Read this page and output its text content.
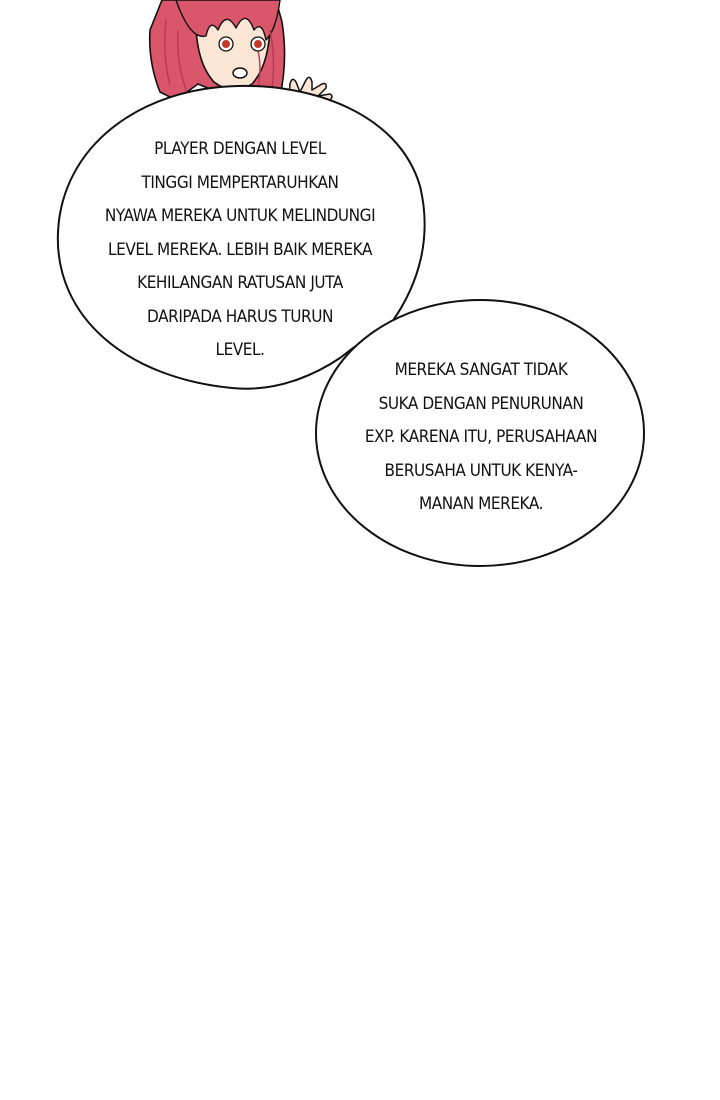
PLAYER DENGAN LEVEL
TINGGI MEMPERTARUHKAN
NYAWA MEREKA UNTUK MELINDUNGI
LEVEL MEREKA. LEBIH BAIK MEREKA
KEHILANGAN RATUSAN JUTA
DARIPADA HARUS TURUN
LEVEL.
MEREKA SANGAT TIDAK
SUKA DENGAN PENURUNAN
EXP. KARENA ITU, PERUSAHAAN
BERUSAHA UNTUK KENYA-
MANAN MEREKA.
